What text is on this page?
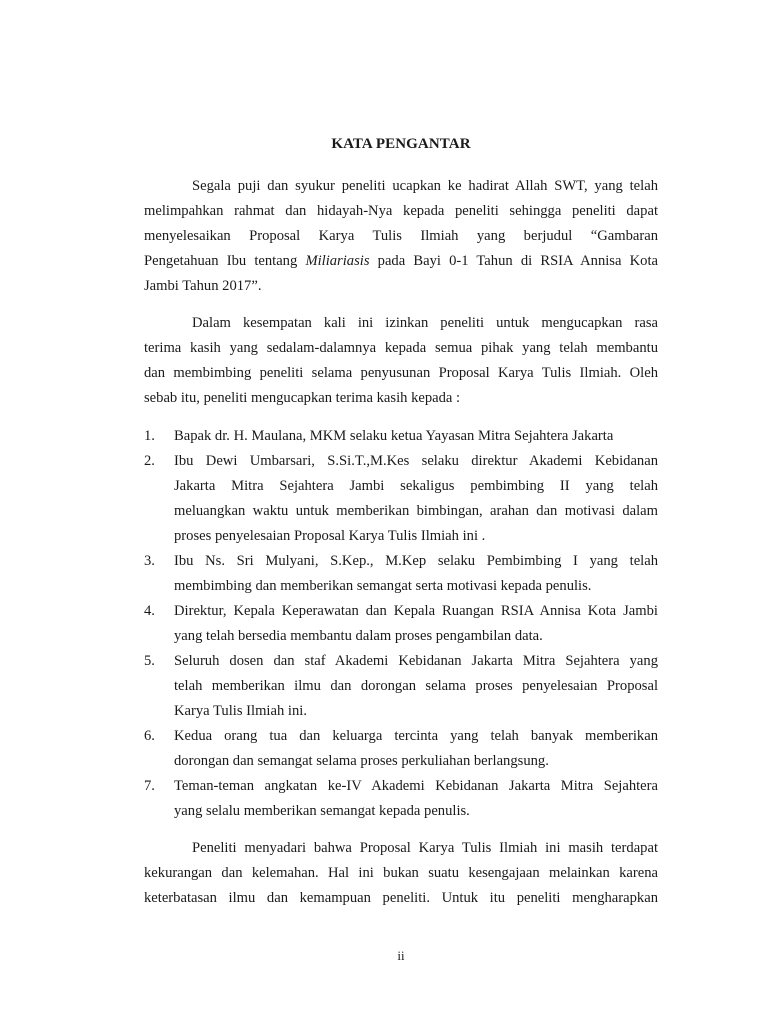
KATA PENGANTAR
Segala puji dan syukur peneliti ucapkan ke hadirat Allah SWT, yang telah
melimpahkan rahmat dan hidayah-Nya kepada peneliti sehingga peneliti dapat
menyelesaikan Proposal Karya Tulis Ilmiah yang berjudul “Gambaran
Pengetahuan Ibu tentang Miliariasis pada Bayi 0-1 Tahun di RSIA Annisa Kota
Jambi Tahun 2017”.
Dalam kesempatan kali ini izinkan peneliti untuk mengucapkan rasa
terima kasih yang sedalam-dalamnya kepada semua pihak yang telah membantu
dan membimbing peneliti selama penyusunan Proposal Karya Tulis Ilmiah. Oleh
sebab itu, peneliti mengucapkan terima kasih kepada :
1. Bapak dr. H. Maulana, MKM selaku ketua Yayasan Mitra Sejahtera Jakarta
2. Ibu Dewi Umbarsari, S.Si.T.,M.Kes selaku direktur Akademi Kebidanan
Jakarta Mitra Sejahtera Jambi sekaligus pembimbing II yang telah
meluangkan waktu untuk memberikan bimbingan, arahan dan motivasi dalam
proses penyelesaian Proposal Karya Tulis Ilmiah ini .
3. Ibu Ns. Sri Mulyani, S.Kep., M.Kep selaku Pembimbing I yang telah
membimbing dan memberikan semangat serta motivasi kepada penulis.
4. Direktur, Kepala Keperawatan dan Kepala Ruangan RSIA Annisa Kota Jambi
yang telah bersedia membantu dalam proses pengambilan data.
5. Seluruh dosen dan staf Akademi Kebidanan Jakarta Mitra Sejahtera yang
telah memberikan ilmu dan dorongan selama proses penyelesaian Proposal
Karya Tulis Ilmiah ini.
6. Kedua orang tua dan keluarga tercinta yang telah banyak memberikan
dorongan dan semangat selama proses perkuliahan berlangsung.
7. Teman-teman angkatan ke-IV Akademi Kebidanan Jakarta Mitra Sejahtera
yang selalu memberikan semangat kepada penulis.
Peneliti menyadari bahwa Proposal Karya Tulis Ilmiah ini masih terdapat
kekurangan dan kelemahan. Hal ini bukan suatu kesengajaan melainkan karena
keterbatasan ilmu dan kemampuan peneliti. Untuk itu peneliti mengharapkan
ii
